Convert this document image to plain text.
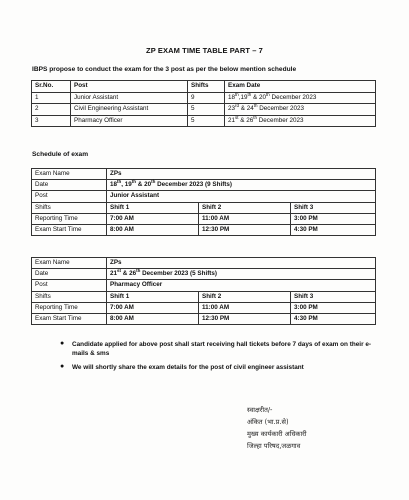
ZP EXAM TIME TABLE PART – 7
IBPS propose to conduct the exam for the 3 post as per the below mention schedule
Sr.No.	Post	Shifts	Exam Date
1	Junior Assistant	9	18th,19th & 20th December 2023
2	Civil Engineering Assistant	5	23rd & 24th December 2023
3	Pharmacy Officer	5	21st & 26th December 2023
Schedule of exam
Exam Name	ZPs		
Date	18th, 19th & 20th December 2023 (9 Shifts)		
Post	Junior Assistant		
Shifts	Shift 1	Shift 2	Shift 3
Reporting Time	7:00 AM	11:00 AM	3:00 PM
Exam Start Time	8:00 AM	12:30 PM	4:30 PM
Exam Name	ZPs		
Date	21st & 26th December 2023 (5 Shifts)		
Post	Pharmacy Officer		
Shifts	Shift 1	Shift 2	Shift 3
Reporting Time	7:00 AM	11:00 AM	3:00 PM
Exam Start Time	8:00 AM	12:30 PM	4:30 PM
●	Candidate applied for above post shall start receiving hall tickets before 7 days of exam on their e-mails & sms
●	We will shortly share the exam details for the post of civil engineer assistant
स्वाक्षरीत/-
अंकित (भा.प्र.से)
मुख्य कार्यकारी अधिकारी
जिल्हा परिषद,जळगाव
